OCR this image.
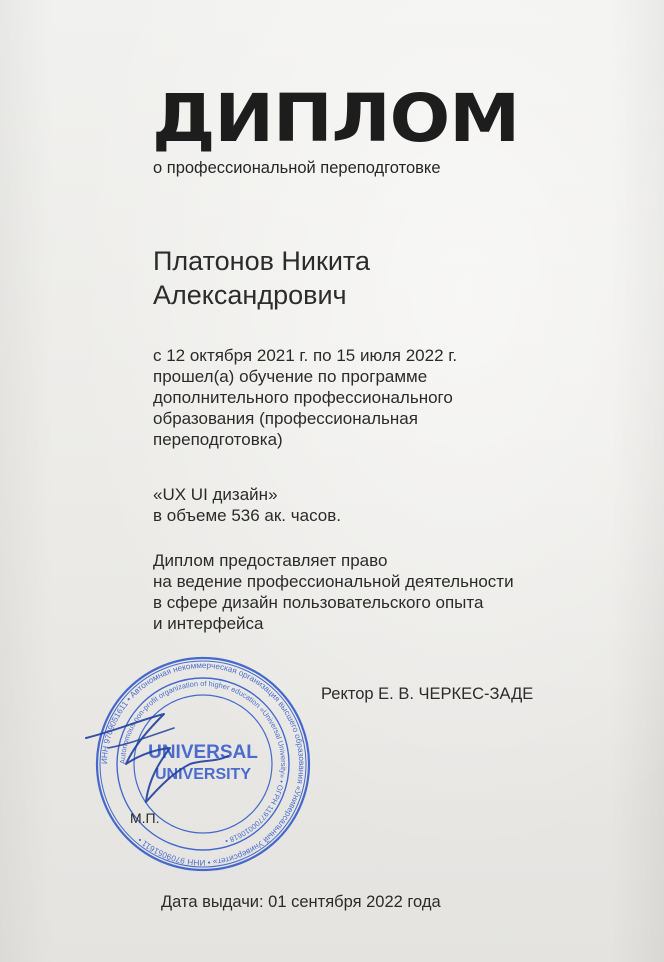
ДИПЛОМ
о профессиональной переподготовке
Платонов Никита
Александрович
с 12 октября 2021 г. по 15 июля 2022 г.
прошел(а) обучение по программе
дополнительного профессионального
образования (профессиональная
переподготовка)
«UX UI дизайн»
в объеме 536 ак. часов.
Диплом предоставляет право
на ведение профессиональной деятельности
в сфере дизайн пользовательского опыта
и интерфейса
Ректор Е. В. ЧЕРКЕС-ЗАДЕ
ИНН 9709051611 • Автономная некоммерческая организация высшего образования «Универсальный Университет» • ИНН 9709051611 •
Autonomous non-profit organization of higher education «Universal University» • ОГРН 1197700010618 •
UNIVERSAL
UNIVERSITY
М.П.
Дата выдачи: 01 сентября 2022 года
